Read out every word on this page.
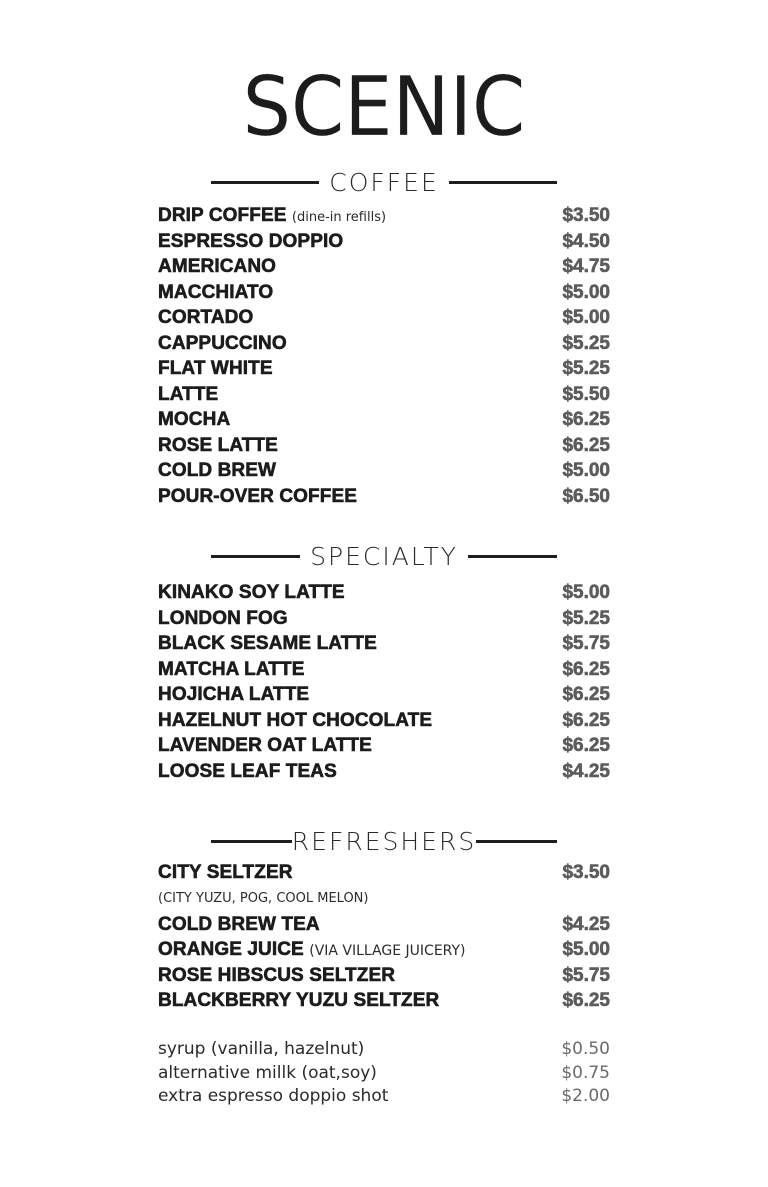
SCENIC
COFFEE
DRIP COFFEE (dine-in refills)	$3.50
ESPRESSO DOPPIO	$4.50
AMERICANO	$4.75
MACCHIATO	$5.00
CORTADO	$5.00
CAPPUCCINO	$5.25
FLAT WHITE	$5.25
LATTE	$5.50
MOCHA	$6.25
ROSE LATTE	$6.25
COLD BREW	$5.00
POUR-OVER COFFEE	$6.50
SPECIALTY
KINAKO SOY LATTE	$5.00
LONDON FOG	$5.25
BLACK SESAME LATTE	$5.75
MATCHA LATTE	$6.25
HOJICHA LATTE	$6.25
HAZELNUT HOT CHOCOLATE	$6.25
LAVENDER OAT LATTE	$6.25
LOOSE LEAF TEAS	$4.25
REFRESHERS
CITY SELTZER	$3.50
(CITY YUZU, POG, COOL MELON)
COLD BREW TEA	$4.25
ORANGE JUICE (VIA VILLAGE JUICERY)	$5.00
ROSE HIBSCUS SELTZER	$5.75
BLACKBERRY YUZU SELTZER	$6.25
syrup (vanilla, hazelnut)	$0.50
alternative millk (oat,soy)	$0.75
extra espresso doppio shot	$2.00
